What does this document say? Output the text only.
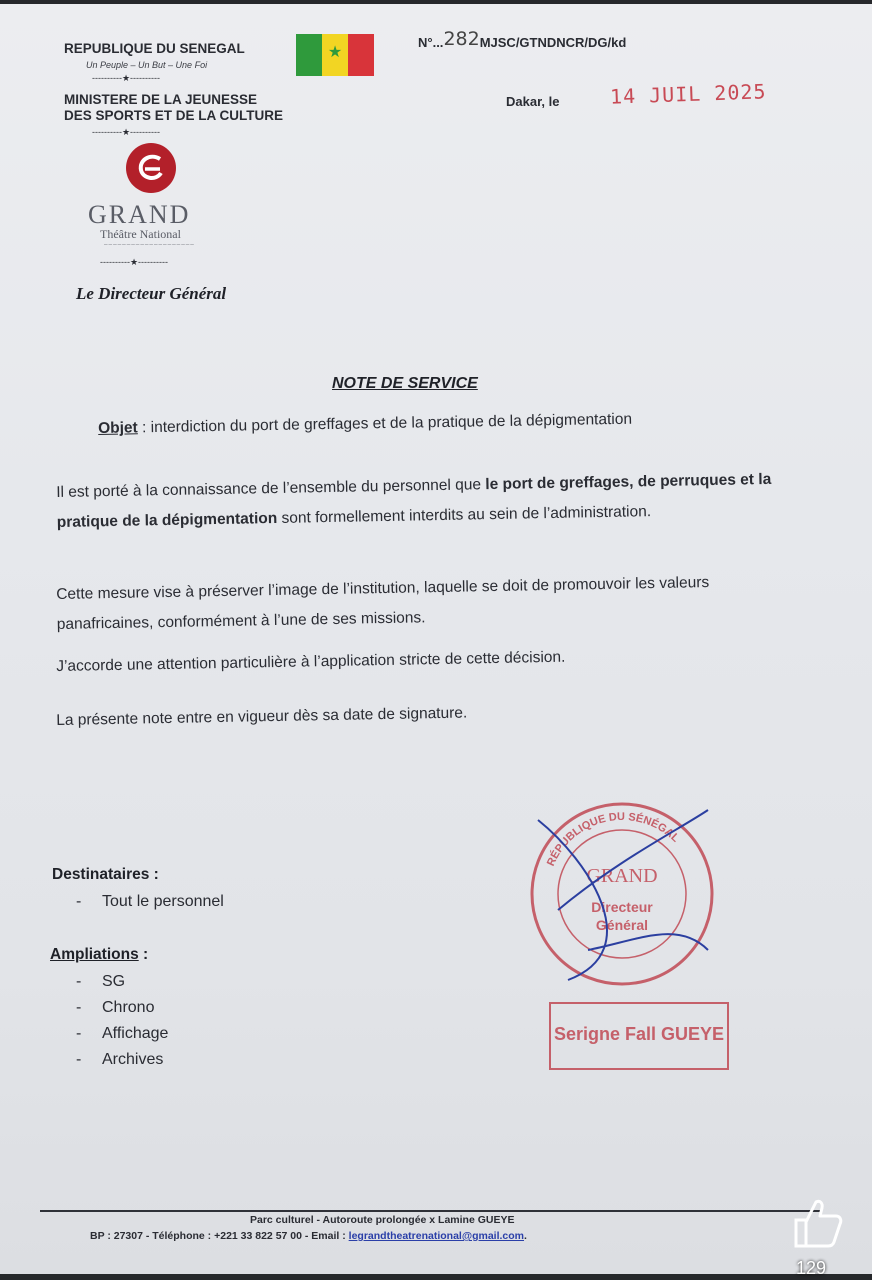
REPUBLIQUE DU SENEGAL
Un Peuple – Un But – Une Foi
----------★----------
MINISTERE DE LA JEUNESSE
DES SPORTS ET DE LA CULTURE
----------★----------
★
N°...282MJSC/GTNDNCR/DG/kd
Dakar, le	14 JUIL 2025
GRAND
Théâtre National
────────────────────
----------★----------
Le Directeur Général
NOTE DE SERVICE
Objet : interdiction du port de greffages et de la pratique de la dépigmentation
Il est porté à la connaissance de l’ensemble du personnel que le port de greffages, de perruques et la pratique de la dépigmentation sont formellement interdits au sein de l’administration.
Cette mesure vise à préserver l’image de l’institution, laquelle se doit de promouvoir les valeurs panafricaines, conformément à l’une de ses missions.
J’accorde une attention particulière à l’application stricte de cette décision.
La présente note entre en vigueur dès sa date de signature.
Destinataires :
- Tout le personnel
Ampliations :
- SG
- Chrono
- Affichage
- Archives
RÉPUBLIQUE DU SÉNÉGAL
GRAND
Directeur
Général
Serigne Fall GUEYE
Parc culturel - Autoroute prolongée x Lamine GUEYE
BP : 27307 - Téléphone : +221 33 822 57 00 - Email : legrandtheatrenational@gmail.com.
129
